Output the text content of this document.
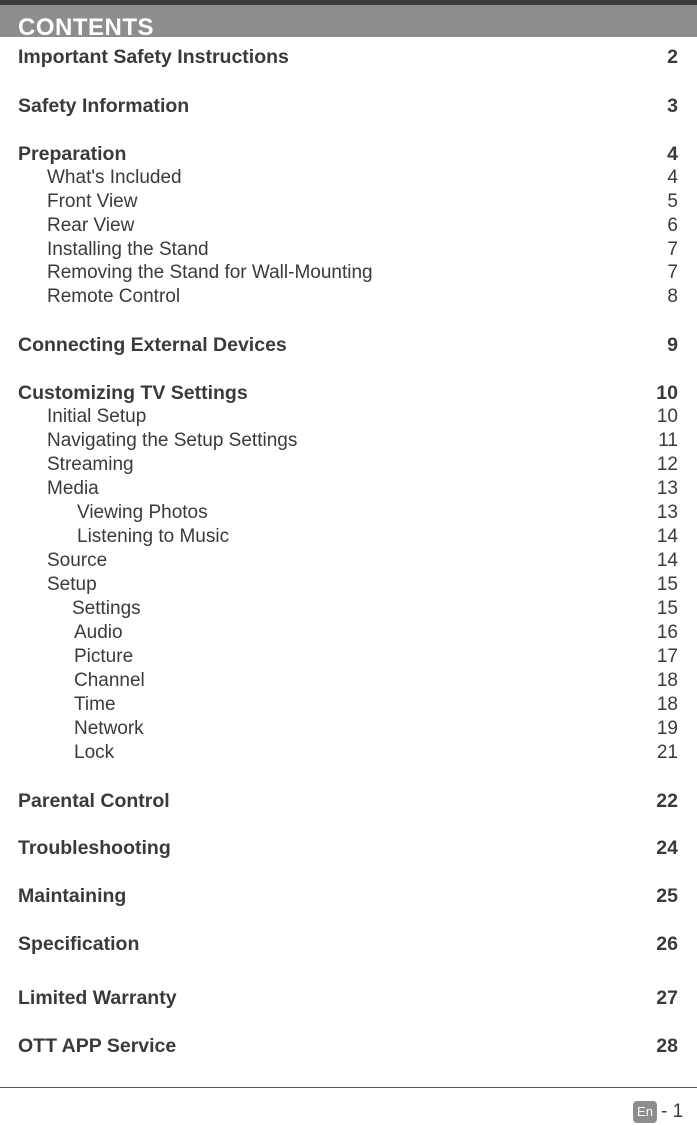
CONTENTS
Important Safety Instructions	2
Safety Information	3
Preparation	4
What's Included	4
Front View	5
Rear View	6
Installing the Stand	7
Removing the Stand for Wall-Mounting	7
Remote Control	8
Connecting External Devices	9
Customizing TV Settings	10
Initial Setup	10
Navigating the Setup Settings	11
Streaming	12
Media	13
Viewing Photos	13
Listening to Music	14
Source	14
Setup	15
Settings	15
Audio	16
Picture	17
Channel	18
Time	18
Network	19
Lock	21
Parental Control	22
Troubleshooting	24
Maintaining	25
Specification	26
Limited Warranty	27
OTT APP Service	28
En - 1
